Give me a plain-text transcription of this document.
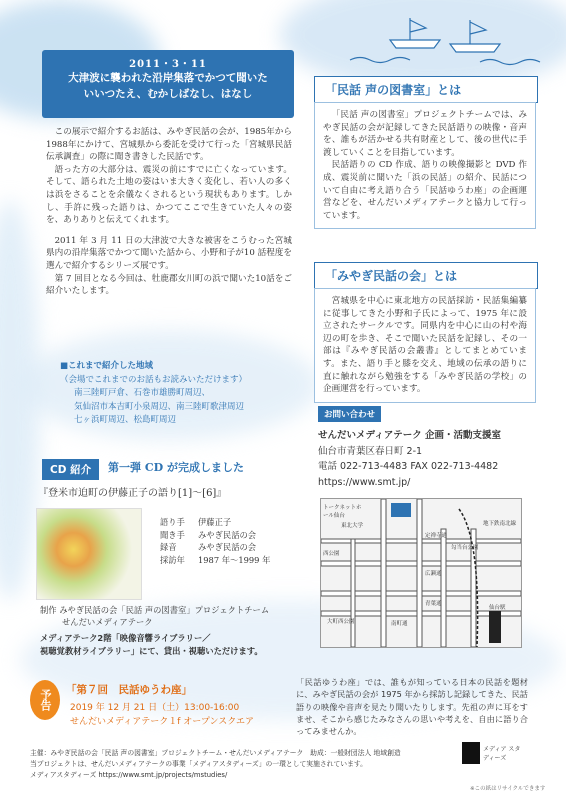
2011・3・11
大津波に襲われた沿岸集落でかつて聞いた
いいつたえ、むかしばなし、はなし
この展示で紹介するお話は、みやぎ民話の会が、1985年から1988年にかけて、宮城県から委託を受けて行った「宮城県民話伝承調査」の際に聞き書きした民話です。
語った方の大部分は、震災の前にすでに亡くなっています。そして、語られた土地の姿はいま大きく変化し、若い人の多くは浜をさることを余儀なくされるという現状もあります。しかし、手許に残った語りは、かつてここで生きていた人々の姿を、ありありと伝えてくれます。
2011 年 3 月 11 日の大津波で大きな被害をこうむった宮城県内の沿岸集落でかつて聞いた話から、小野和子が10 話程度を選んで紹介するシリーズ展です。
第 7 回目となる今回は、牡鹿郡女川町の浜で聞いた10話をご紹介いたします。
■これまで紹介した地域
（会場でこれまでのお話もお読みいただけます）
南三陸町戸倉、石巻市雄勝町周辺、
気仙沼市本吉町小泉周辺、南三陸町歌津周辺
七ヶ浜町周辺、松島町周辺
「民話 声の図書室」とは
「民話 声の図書室」プロジェクトチームでは、みやぎ民話の会が記録してきた民話語りの映像・音声を、誰もが活かせる共有財産として、後の世代に手渡していくことを目指しています。
民話語りの CD 作成、語りの映像撮影と DVD 作成、震災前に聞いた「浜の民話」の紹介、民話について自由に考え語り合う「民話ゆうわ座」の企画運営などを、せんだいメディアテークと協力して行っています。
「みやぎ民話の会」とは
宮城県を中心に東北地方の民話採訪・民話集編纂に従事してきた小野和子氏によって、1975 年に設立されたサークルです。同県内を中心に山の村や海辺の町を歩き、そこで聞いた民話を記録し、その一部は『みやぎ民話の会叢書』としてまとめています。また、語り手と膝を交え、地域の伝承の語りに直に触れながら勉強をする「みやぎ民話の学校」の企画運営を行っています。
お問い合わせ
せんだいメディアテーク 企画・活動支援室
仙台市青葉区春日町 2-1
電話 022-713-4483 FAX 022-713-4482
https://www.smt.jp/
トークネットホール仙台
東北大学
西公園
定禅寺通
勾当台公園
広瀬通
青葉通
大町西公園	南町通
地下鉄南北線
仙台駅
CD 紹介	第一弾 CD が完成しました
『登米市迫町の伊藤正子の語り[1]〜[6]』
語り手 伊藤正子
聞き手 みやぎ民話の会
録音	みやぎ民話の会
採訪年 1987 年〜1999 年
制作 みやぎ民話の会「民話 声の図書室」プロジェクトチーム
せんだいメディアテーク
メディアテーク2階「映像音響ライブラリー／
視聴覚教材ライブラリー」にて、貸出・視聴いただけます。
予告 「第７回　民話ゆうわ座」
2019 年 12 月 21 日（土）13:00-16:00
せんだいメディアテーク１f オープンスクエア
「民話ゆうわ座」では、誰もが知っている日本の民話を題材に、みやぎ民話の会が 1975 年から採訪し記録してきた、民話語りの映像や音声を見たり聞いたりします。先祖の声に耳をすませ、そこから感じたみなさんの思いや考えを、自由に語り合ってみませんか。
主催：みやぎ民話の会「民話 声の図書室」プロジェクトチーム・せんだいメディアテーク　助成：一般財団法人 地域創造
当プロジェクトは、せんだいメディアテークの事業「メディアスタディーズ」の一環として実施されています。
メディアスタディーズ https://www.smt.jp/projects/mstudies/
メディア スタディーズ
※この紙はリサイクルできます
